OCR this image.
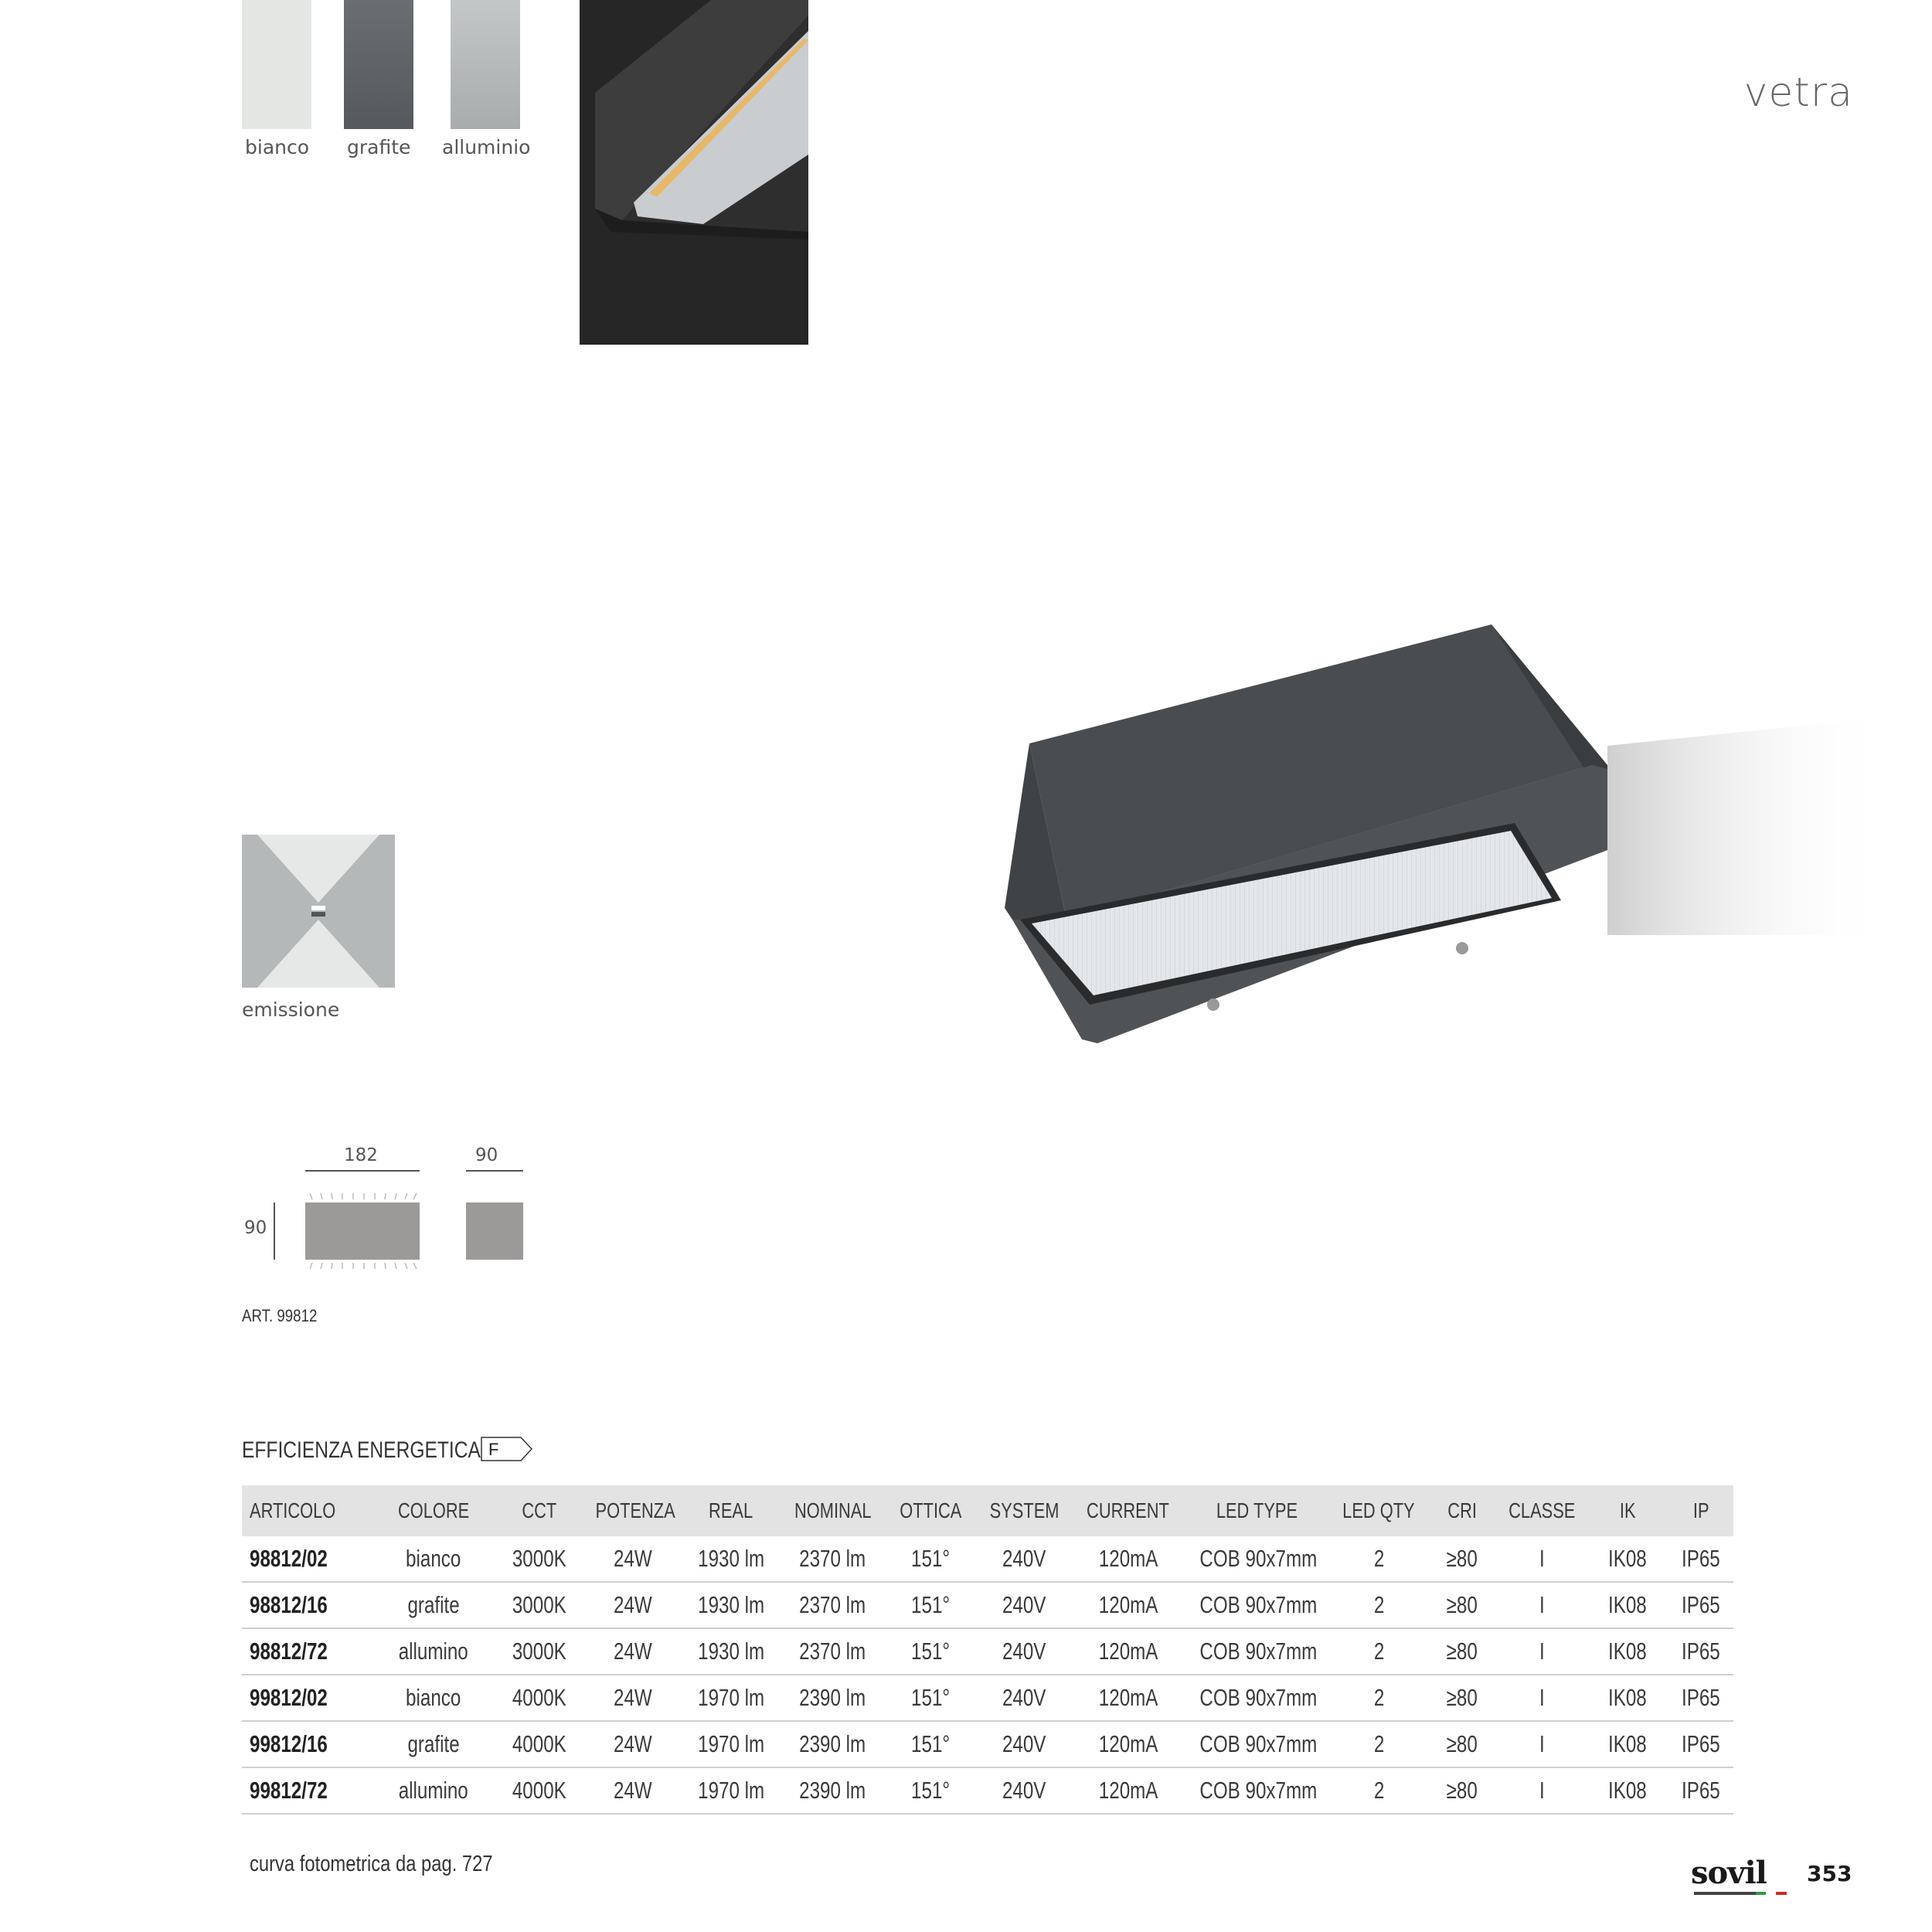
bianco grafite alluminio
vetra
emissione
182	90
90
ART. 99812
EFFICIENZA ENERGETICA F
ARTICOLO	COLORE	CCT	POTENZA	REAL	NOMINAL	OTTICA	SYSTEM	CURRENT	LED TYPE	LED QTY	CRI	CLASSE	IK	IP
98812/02	bianco	3000K	24W	1930 lm	2370 lm	151°	240V	120mA	COB 90x7mm	2	≥80	I	IK08	IP65
98812/16	grafite	3000K	24W	1930 lm	2370 lm	151°	240V	120mA	COB 90x7mm	2	≥80	I	IK08	IP65
98812/72	allumino	3000K	24W	1930 lm	2370 lm	151°	240V	120mA	COB 90x7mm	2	≥80	I	IK08	IP65
99812/02	bianco	4000K	24W	1970 lm	2390 lm	151°	240V	120mA	COB 90x7mm	2	≥80	I	IK08	IP65
99812/16	grafite	4000K	24W	1970 lm	2390 lm	151°	240V	120mA	COB 90x7mm	2	≥80	I	IK08	IP65
99812/72	allumino	4000K	24W	1970 lm	2390 lm	151°	240V	120mA	COB 90x7mm	2	≥80	I	IK08	IP65
curva fotometrica da pag. 727	sovil 353
